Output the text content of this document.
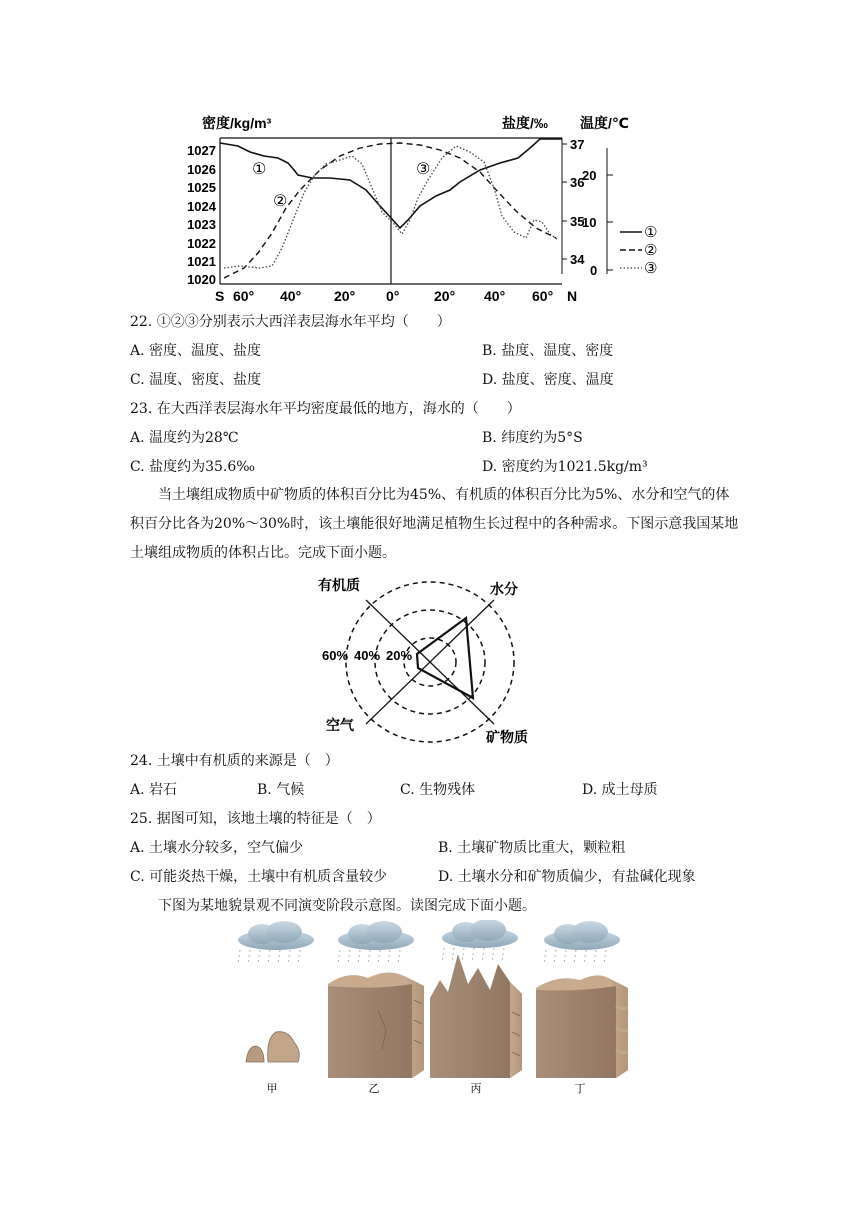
密度/kg/m³	盐度/‰ 温度/℃
1027
1026
1025
1024
1023
1022
1021
1020
37
36
35
34
20
10
0
S 60° 40° 20° 0° 20° 40° 60° N
①
②
③
①
②
③
22. ①②③分别表示大西洋表层海水年平均（　　）
A. 密度、温度、盐度	B. 盐度、温度、密度
C. 温度、密度、盐度	D. 盐度、密度、温度
23. 在大西洋表层海水年平均密度最低的地方，海水的（　　）
A. 温度约为28℃	B. 纬度约为5°S
C. 盐度约为35.6‰	D. 密度约为1021.5kg/m³
当土壤组成物质中矿物质的体积百分比为45%、有机质的体积百分比为5%、水分和空气的体积百分比各为20%～30%时，该土壤能很好地满足植物生长过程中的各种需求。下图示意我国某地土壤组成物质的体积占比。完成下面小题。
有机质	水分
空气
矿物质
60% 40% 20%
24. 土壤中有机质的来源是（　）
A. 岩石	B. 气候	C. 生物残体	D. 成土母质
25. 据图可知，该地土壤的特征是（　）
A. 土壤水分较多，空气偏少	B. 土壤矿物质比重大，颗粒粗
C. 可能炎热干燥，土壤中有机质含量较少	D. 土壤水分和矿物质偏少，有盐碱化现象
下图为某地貌景观不同演变阶段示意图。读图完成下面小题。
甲	乙	丙	丁
